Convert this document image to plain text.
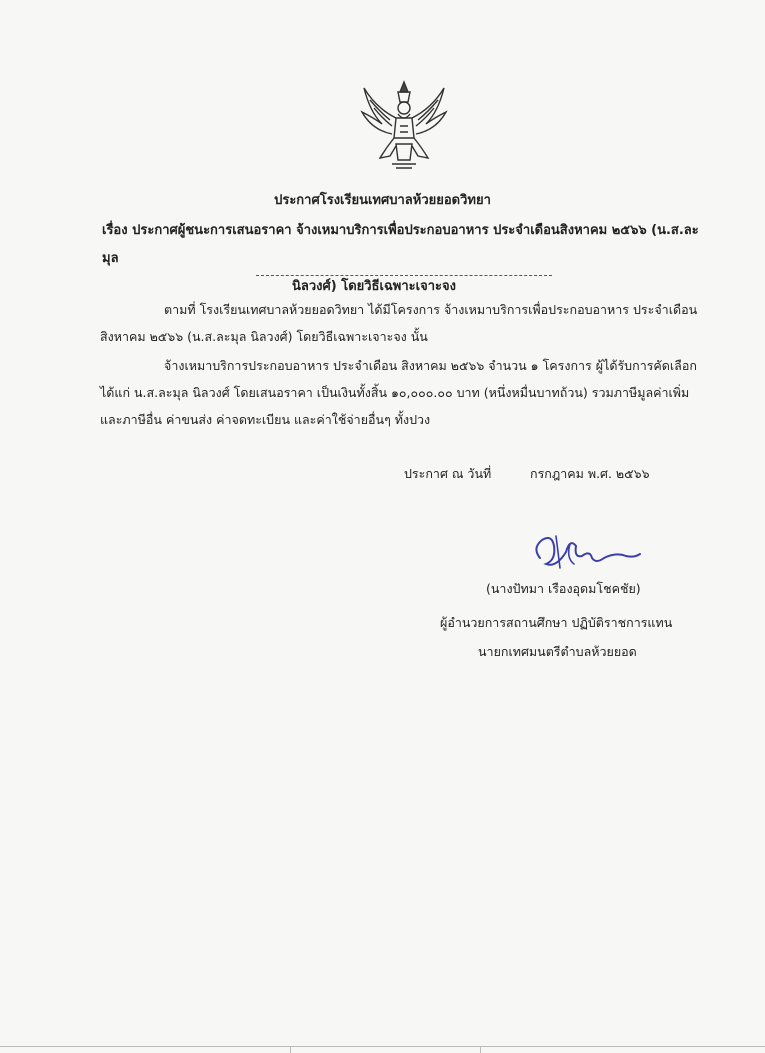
ประกาศโรงเรียนเทศบาลห้วยยอดวิทยา
เรื่อง ประกาศผู้ชนะการเสนอราคา จ้างเหมาบริการเพื่อประกอบอาหาร ประจำเดือนสิงหาคม ๒๕๖๖ (น.ส.ละมุล
นิลวงศ์) โดยวิธีเฉพาะเจาะจง
ตามที่ โรงเรียนเทศบาลห้วยยอดวิทยา ได้มีโครงการ จ้างเหมาบริการเพื่อประกอบอาหาร ประจำเดือน สิงหาคม ๒๕๖๖ (น.ส.ละมุล นิลวงศ์) โดยวิธีเฉพาะเจาะจง นั้น
จ้างเหมาบริการประกอบอาหาร ประจำเดือน สิงหาคม ๒๕๖๖ จำนวน ๑ โครงการ ผู้ได้รับการคัดเลือก ได้แก่ น.ส.ละมุล นิลวงศ์ โดยเสนอราคา เป็นเงินทั้งสิ้น ๑๐,๐๐๐.๐๐ บาท (หนึ่งหมื่นบาทถ้วน) รวมภาษีมูลค่าเพิ่ม และภาษีอื่น ค่าขนส่ง ค่าจดทะเบียน และค่าใช้จ่ายอื่นๆ ทั้งปวง
ประกาศ ณ วันที่	กรกฎาคม พ.ศ. ๒๕๖๖
(นางปัทมา เรืองอุดมโชคชัย)
ผู้อำนวยการสถานศึกษา ปฏิบัติราชการแทน
นายกเทศมนตรีตำบลห้วยยอด
